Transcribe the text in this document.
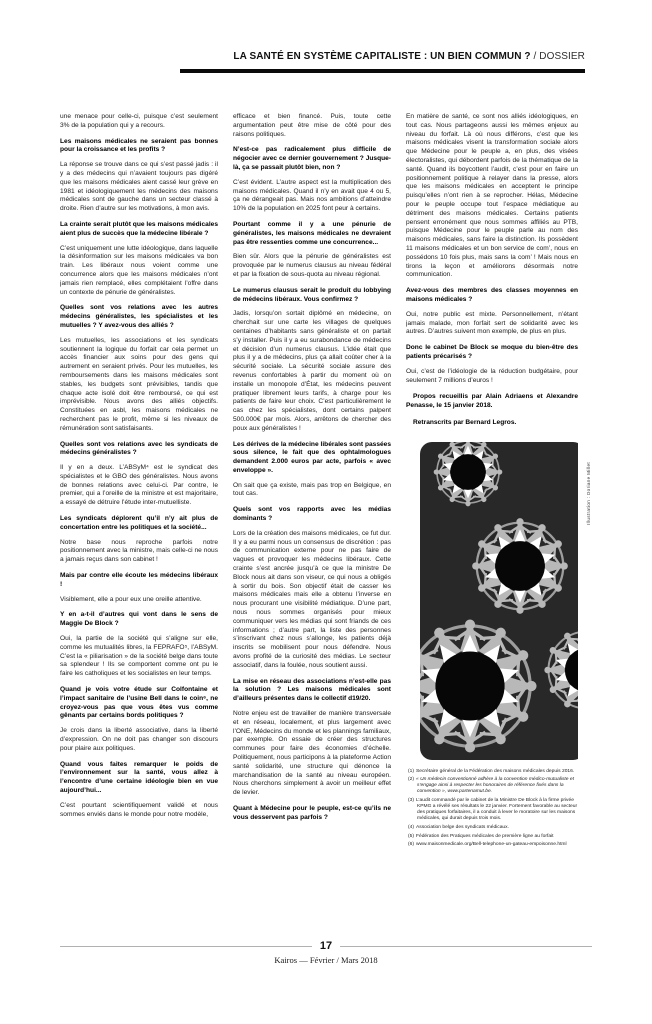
LA SANTÉ EN SYSTÈME CAPITALISTE : UN BIEN COMMUN ? / DOSSIER

une menace pour celle-ci, puisque c’est seulement 3% de la population qui y a recours.

Les maisons médicales ne seraient pas bonnes pour la croissance et les profits ?

La réponse se trouve dans ce qui s’est passé jadis : il y a des médecins qui n’avaient toujours pas digéré que les maisons médicales aient cassé leur grève en 1981 et idéologiquement les médecins des maisons médicales sont de gauche dans un secteur classé à droite. Rien d’autre sur les motivations, à mon avis.

La crainte serait plutôt que les maisons médicales aient plus de succès que la médecine libérale ?

C’est uniquement une lutte idéologique, dans laquelle la désinformation sur les maisons médicales va bon train. Les libéraux nous voient comme une concurrence alors que les maisons médicales n’ont jamais rien remplacé, elles complétaient l’offre dans un contexte de pénurie de généralistes.

Quelles sont vos relations avec les autres médecins généralistes, les spécialistes et les mutuelles ? Y avez-vous des alliés ?

Les mutuelles, les associations et les syndicats soutiennent la logique du forfait car cela permet un accès financier aux soins pour des gens qui autrement en seraient privés. Pour les mutuelles, les remboursements dans les maisons médicales sont stables, les budgets sont prévisibles, tandis que chaque acte isolé doit être remboursé, ce qui est imprévisible. Nous avons des alliés objectifs. Constituées en asbl, les maisons médicales ne recherchent pas le profit, même si les niveaux de rémunération sont satisfaisants.

Quelles sont vos relations avec les syndicats de médecins généralistes ?

Il y en a deux. L’ABSyM⁴ est le syndicat des spécialistes et le GBO des généralistes. Nous avons de bonnes relations avec celui-ci. Par contre, le premier, qui a l’oreille de la ministre et est majoritaire, a essayé de détruire l’étude inter-mutuelliste.

Les syndicats déplorent qu’il n’y ait plus de concertation entre les politiques et la société...

Notre base nous reproche parfois notre positionnement avec la ministre, mais celle-ci ne nous a jamais reçus dans son cabinet !

Mais par contre elle écoute les médecins libéraux !

Visiblement, elle a pour eux une oreille attentive.

Y en a-t-il d’autres qui vont dans le sens de Maggie De Block ?

Oui, la partie de la société qui s’aligne sur elle, comme les mutualités libres, la FEPRAFO⁵, l’ABSyM. C’est la « piliarisation » de la société belge dans toute sa splendeur ! Ils se comportent comme ont pu le faire les catholiques et les socialistes en leur temps.

Quand je vois votre étude sur Colfontaine et l’impact sanitaire de l’usine Bell dans le coin⁶, ne croyez-vous pas que vous êtes vus comme gênants par certains bords politiques ?

Je crois dans la liberté associative, dans la liberté d’expression. On ne doit pas changer son discours pour plaire aux politiques.

Quand vous faites remarquer le poids de l’environnement sur la santé, vous allez à l’encontre d’une certaine idéologie bien en vue aujourd’hui...

C’est pourtant scientifiquement validé et nous sommes enviés dans le monde pour notre modèle,

efficace et bien financé. Puis, toute cette argumentation peut être mise de côté pour des raisons politiques.

N’est-ce pas radicalement plus difficile de négocier avec ce dernier gouvernement ? Jusque-là, ça se passait plutôt bien, non ?

C’est évident. L’autre aspect est la multiplication des maisons médicales. Quand il n’y en avait que 4 ou 5, ça ne dérangeait pas. Mais nos ambitions d’atteindre 10% de la population en 2025 font peur à certains.

Pourtant comme il y a une pénurie de généralistes, les maisons médicales ne devraient pas être ressenties comme une concurrence...

Bien sûr. Alors que la pénurie de généralistes est provoquée par le numerus clausus au niveau fédéral et par la fixation de sous-quota au niveau régional.

Le numerus clausus serait le produit du lobbying de médecins libéraux. Vous confirmez ?

Jadis, lorsqu’on sortait diplômé en médecine, on cherchait sur une carte les villages de quelques centaines d’habitants sans généraliste et on partait s’y installer. Puis il y a eu surabondance de médecins et décision d’un numerus clausus. L’idée était que plus il y a de médecins, plus ça allait coûter cher à la sécurité sociale. La sécurité sociale assure des revenus confortables à partir du moment où on installe un monopole d’État, les médecins peuvent pratiquer librement leurs tarifs, à charge pour les patients de faire leur choix. C’est particulièrement le cas chez les spécialistes, dont certains palpent 500.000€ par mois. Alors, arrêtons de chercher des poux aux généralistes !

Les dérives de la médecine libérales sont passées sous silence, le fait que des ophtalmologues demandent 2.000 euros par acte, parfois « avec enveloppe ».

On sait que ça existe, mais pas trop en Belgique, en tout cas.

Quels sont vos rapports avec les médias dominants ?

Lors de la création des maisons médicales, ce fut dur. Il y a eu parmi nous un consensus de discrétion : pas de communication externe pour ne pas faire de vagues et provoquer les médecins libéraux. Cette crainte s’est ancrée jusqu’à ce que la ministre De Block nous ait dans son viseur, ce qui nous a obligés à sortir du bois. Son objectif était de casser les maisons médicales mais elle a obtenu l’inverse en nous procurant une visibilité médiatique. D’une part, nous nous sommes organisés pour mieux communiquer vers les médias qui sont friands de ces informations ; d’autre part, la liste des personnes s’inscrivant chez nous s’allonge, les patients déjà inscrits se mobilisent pour nous défendre. Nous avons profité de la curiosité des médias. Le secteur associatif, dans la foulée, nous soutient aussi.

La mise en réseau des associations n’est-elle pas la solution ? Les maisons médicales sont d’ailleurs présentes dans le collectif d19/20.

Notre enjeu est de travailler de manière transversale et en réseau, localement, et plus largement avec l’ONE, Médecins du monde et les plannings familiaux, par exemple. On essaie de créer des structures communes pour faire des économies d’échelle. Politiquement, nous participons à la plateforme Action santé solidarité, une structure qui dénonce la marchandisation de la santé au niveau européen. Nous cherchons simplement à avoir un meilleur effet de levier.

Quant à Médecine pour le peuple, est-ce qu’ils ne vous desservent pas parfois ?

En matière de santé, ce sont nos alliés idéologiques, en tout cas. Nous partageons aussi les mêmes enjeux au niveau du forfait. Là où nous différons, c’est que les maisons médicales visent la transformation sociale alors que Médecine pour le peuple a, en plus, des visées électoralistes, qui débordent parfois de la thématique de la santé. Quand ils boycottent l’audit, c’est pour en faire un positionnement politique à relayer dans la presse, alors que les maisons médicales en acceptent le principe puisqu’elles n’ont rien à se reprocher. Hélas, Médecine pour le peuple occupe tout l’espace médiatique au détriment des maisons médicales. Certains patients pensent erronément que nous sommes affiliés au PTB, puisque Médecine pour le peuple parle au nom des maisons médicales, sans faire la distinction. Ils possèdent 11 maisons médicales et un bon service de com’, nous en possédons 10 fois plus, mais sans la com’ ! Mais nous en tirons la leçon et améliorons désormais notre communication.

Avez-vous des membres des classes moyennes en maisons médicales ?

Oui, notre public est mixte. Personnellement, n’étant jamais malade, mon forfait sert de solidarité avec les autres. D’autres suivent mon exemple, de plus en plus.

Donc le cabinet De Block se moque du bien-être des patients précarisés ?

Oui, c’est de l’idéologie de la réduction budgétaire, pour seulement 7 millions d’euros !

Propos recueillis par Alain Adriaens et Alexandre Penasse, le 15 janvier 2018.

Retranscrits par Bernard Legros.

(1) Secrétaire général de la Fédération des maisons médicales depuis 2016.
(2) « Un médecin conventionné adhère à la convention médico-mutualiste et s’engage ainsi à respecter les honoraires de référence fixés dans la convention », www.partenamut.be.
(3) L’audit commandé par le cabinet de la Ministre De Block à la firme privée KPMG a révélé ses résultats le 22 janvier. Fortement favorable au secteur des pratiques forfaitaires, il a conduit à lever le moratoire sur les maisons médicales, qui durait depuis trois mois.
(4) Association belge des syndicats médicaux.
(5) Fédération des Pratiques médicales de première ligne au forfait
(6) www.maisonmedicale.org/Bell-telephone-un-gateau-empoisonne.html
Illustration : Doriane Millet
17
Kairos — Février / Mars 2018
